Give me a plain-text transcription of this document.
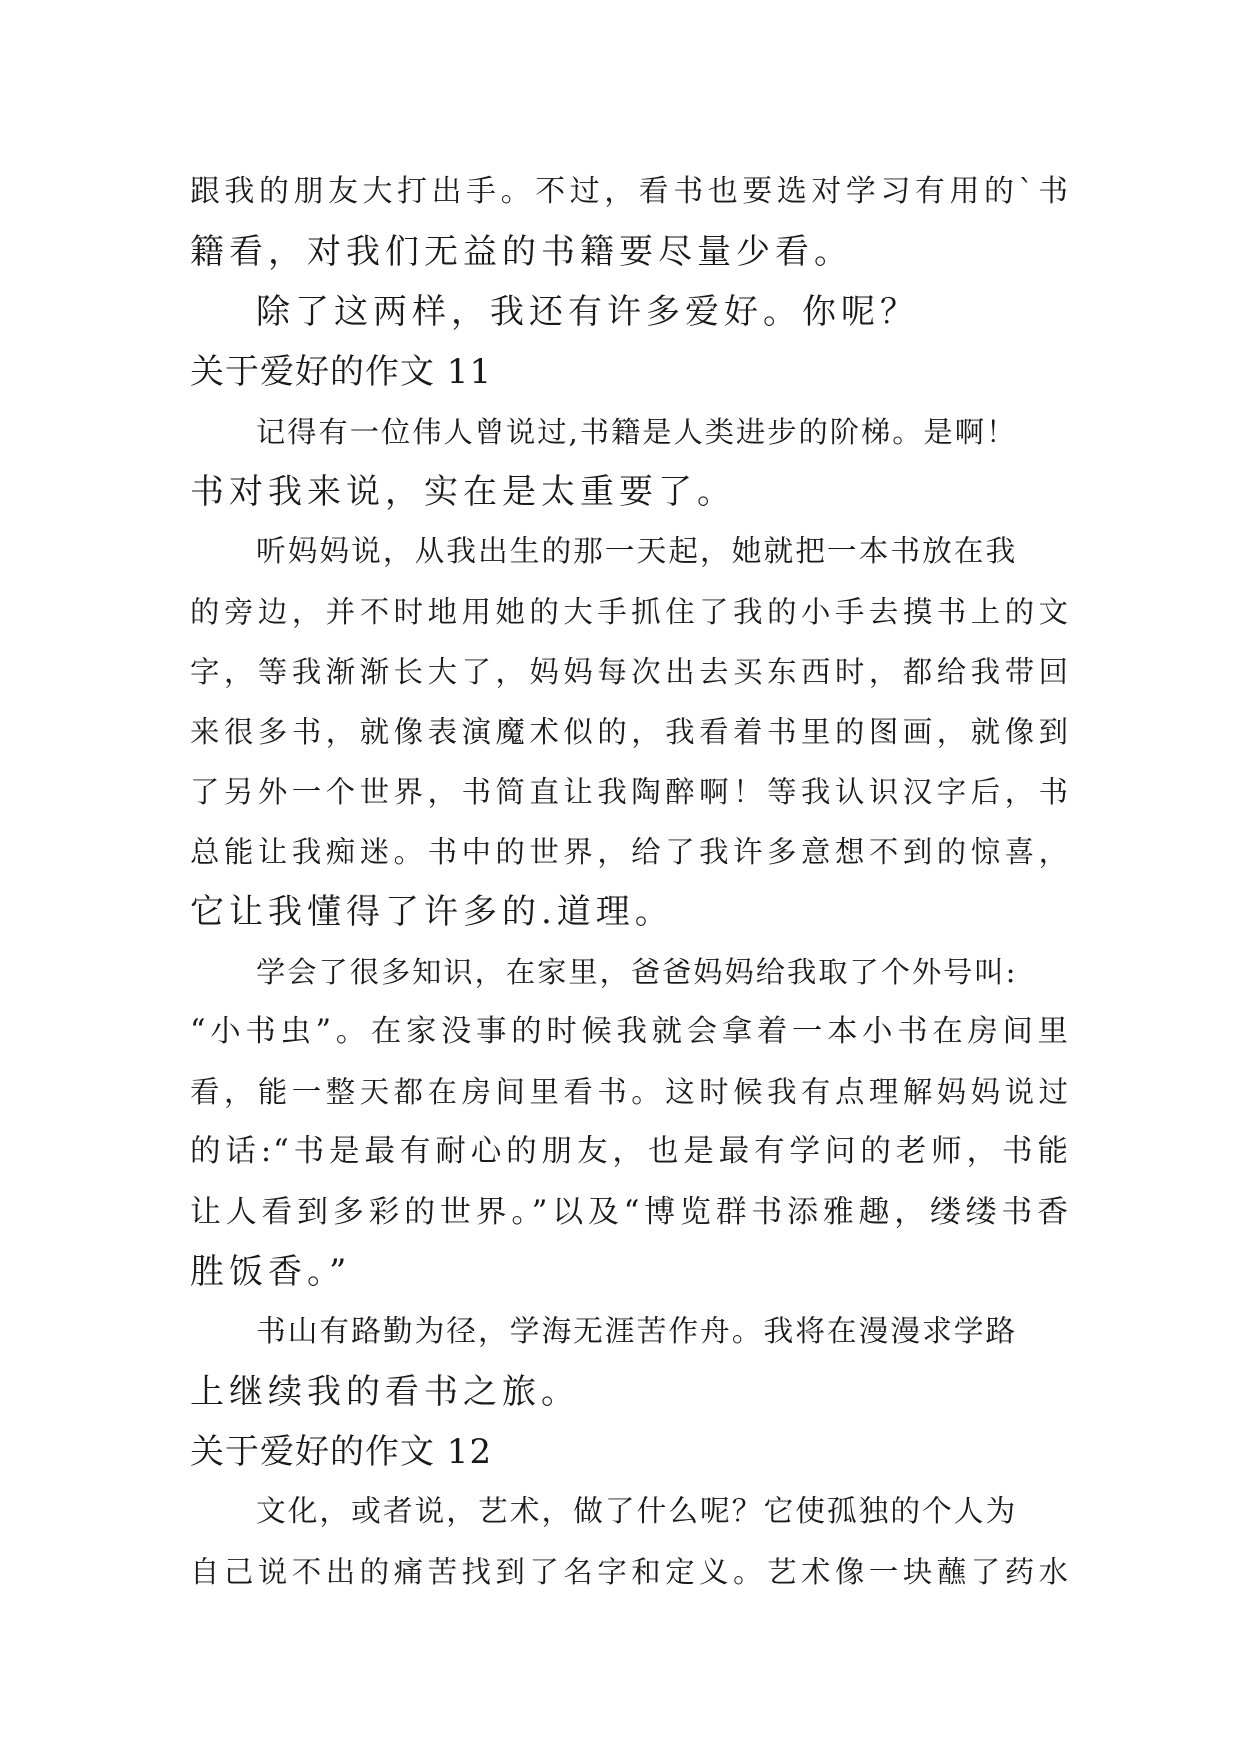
跟我的朋友大打出手。不过，看书也要选对学习有用的`书
籍看，对我们无益的书籍要尽量少看。
除了这两样，我还有许多爱好。你呢？
关于爱好的作文 11
记得有一位伟人曾说过,书籍是人类进步的阶梯。是啊！
书对我来说，实在是太重要了。
听妈妈说，从我出生的那一天起，她就把一本书放在我
的旁边，并不时地用她的大手抓住了我的小手去摸书上的文
字，等我渐渐长大了，妈妈每次出去买东西时，都给我带回
来很多书，就像表演魔术似的，我看着书里的图画，就像到
了另外一个世界，书简直让我陶醉啊！等我认识汉字后，书
总能让我痴迷。书中的世界，给了我许多意想不到的惊喜，
它让我懂得了许多的.道理。
学会了很多知识，在家里，爸爸妈妈给我取了个外号叫:
“小书虫”。在家没事的时候我就会拿着一本小书在房间里
看，能一整天都在房间里看书。这时候我有点理解妈妈说过
的话:“书是最有耐心的朋友，也是最有学问的老师，书能
让人看到多彩的世界。”以及“博览群书添雅趣，缕缕书香
胜饭香。”
书山有路勤为径，学海无涯苦作舟。我将在漫漫求学路
上继续我的看书之旅。
关于爱好的作文 12
文化，或者说，艺术，做了什么呢？它使孤独的个人为
自己说不出的痛苦找到了名字和定义。艺术像一块蘸了药水
